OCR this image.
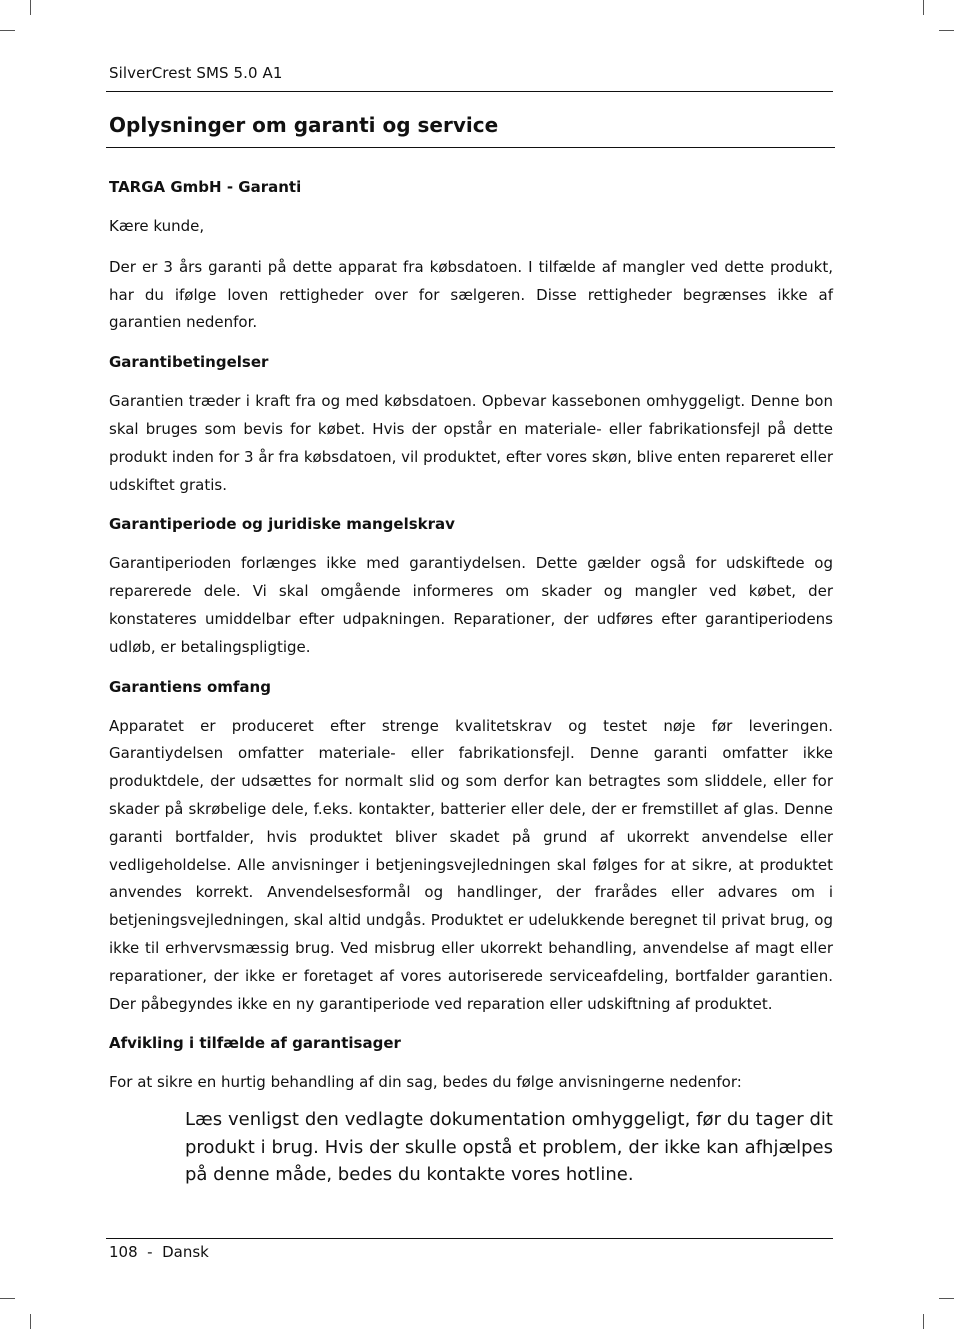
SilverCrest SMS 5.0 A1
Oplysninger om garanti og service
TARGA GmbH - Garanti
Kære kunde,
Der er 3 års garanti på dette apparat fra købsdatoen. I tilfælde af mangler ved dette produkt, har du ifølge loven rettigheder over for sælgeren. Disse rettigheder begrænses ikke af garantien nedenfor.
Garantibetingelser
Garantien træder i kraft fra og med købsdatoen. Opbevar kassebonen omhyggeligt. Denne bon skal bruges som bevis for købet. Hvis der opstår en materiale- eller fabrikationsfejl på dette produkt inden for 3 år fra købsdatoen, vil produktet, efter vores skøn, blive enten repareret eller udskiftet gratis.
Garantiperiode og juridiske mangelskrav
Garantiperioden forlænges ikke med garantiydelsen. Dette gælder også for udskiftede og reparerede dele. Vi skal omgående informeres om skader og mangler ved købet, der konstateres umiddelbar efter udpakningen. Reparationer, der udføres efter garantiperiodens udløb, er betalingspligtige.
Garantiens omfang
Apparatet er produceret efter strenge kvalitetskrav og testet nøje før leveringen. Garantiydelsen omfatter materiale- eller fabrikationsfejl. Denne garanti omfatter ikke produktdele, der udsættes for normalt slid og som derfor kan betragtes som sliddele, eller for skader på skrøbelige dele, f.eks. kontakter, batterier eller dele, der er fremstillet af glas. Denne garanti bortfalder, hvis produktet bliver skadet på grund af ukorrekt anvendelse eller vedligeholdelse. Alle anvisninger i betjeningsvejledningen skal følges for at sikre, at produktet anvendes korrekt. Anvendelsesformål og handlinger, der frarådes eller advares om i betjeningsvejledningen, skal altid undgås. Produktet er udelukkende beregnet til privat brug, og ikke til erhvervsmæssig brug. Ved misbrug eller ukorrekt behandling, anvendelse af magt eller reparationer, der ikke er foretaget af vores autoriserede serviceafdeling, bortfalder garantien. Der påbegyndes ikke en ny garantiperiode ved reparation eller udskiftning af produktet.
Afvikling i tilfælde af garantisager
For at sikre en hurtig behandling af din sag, bedes du følge anvisningerne nedenfor:
Læs venligst den vedlagte dokumentation omhyggeligt, før du tager dit produkt i brug. Hvis der skulle opstå et problem, der ikke kan afhjælpes på denne måde, bedes du kontakte vores hotline.
108  -  Dansk
